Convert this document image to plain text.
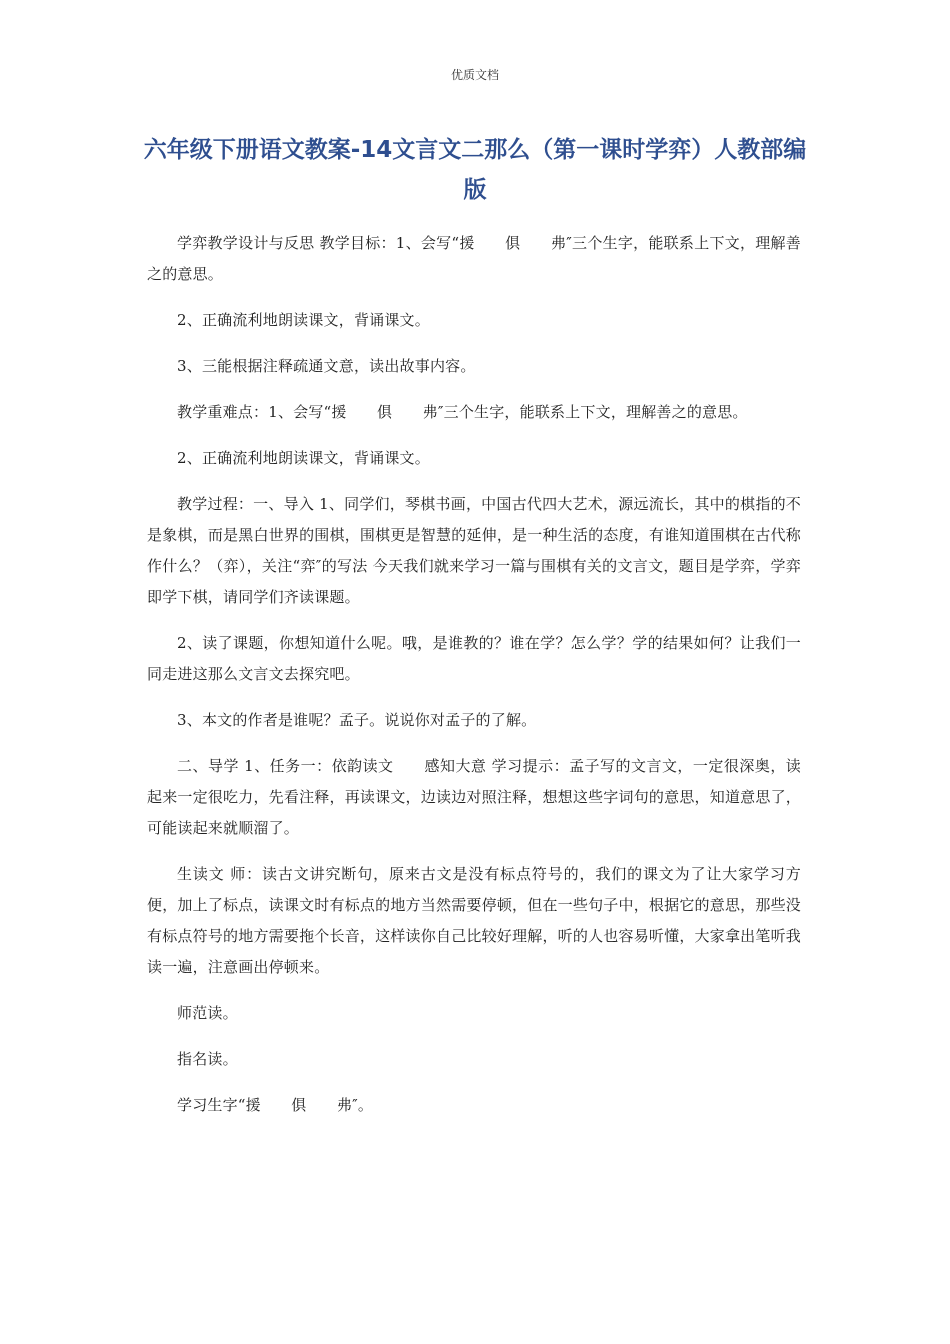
优质文档
六年级下册语文教案-14文言文二那么（第一课时学弈）人教部编版

学弈教学设计与反思 教学目标：1、会写“援　　俱　　弗″三个生字，能联系上下文，理解善之的意思。

2、正确流利地朗读课文，背诵课文。

3、三能根据注释疏通文意，读出故事内容。

教学重难点：1、会写“援　　俱　　弗″三个生字，能联系上下文，理解善之的意思。

2、正确流利地朗读课文，背诵课文。

教学过程：一、导入 1、同学们，琴棋书画，中国古代四大艺术，源远流长，其中的棋指的不是象棋，而是黑白世界的围棋，围棋更是智慧的延伸，是一种生活的态度，有谁知道围棋在古代称作什么？（弈），关注“弈″的写法 今天我们就来学习一篇与围棋有关的文言文，题目是学弈，学弈即学下棋，请同学们齐读课题。

2、读了课题，你想知道什么呢。哦，是谁教的？谁在学？怎么学？学的结果如何？让我们一同走进这那么文言文去探究吧。

3、本文的作者是谁呢？孟子。说说你对孟子的了解。

二、导学 1、任务一：依韵读文　　感知大意 学习提示：孟子写的文言文，一定很深奥，读起来一定很吃力，先看注释，再读课文，边读边对照注释，想想这些字词句的意思，知道意思了，可能读起来就顺溜了。

生读文 师：读古文讲究断句，原来古文是没有标点符号的，我们的课文为了让大家学习方便，加上了标点，读课文时有标点的地方当然需要停顿，但在一些句子中，根据它的意思，那些没有标点符号的地方需要拖个长音，这样读你自己比较好理解，听的人也容易听懂，大家拿出笔听我读一遍，注意画出停顿来。

师范读。

指名读。

学习生字“援　　俱　　弗″。
